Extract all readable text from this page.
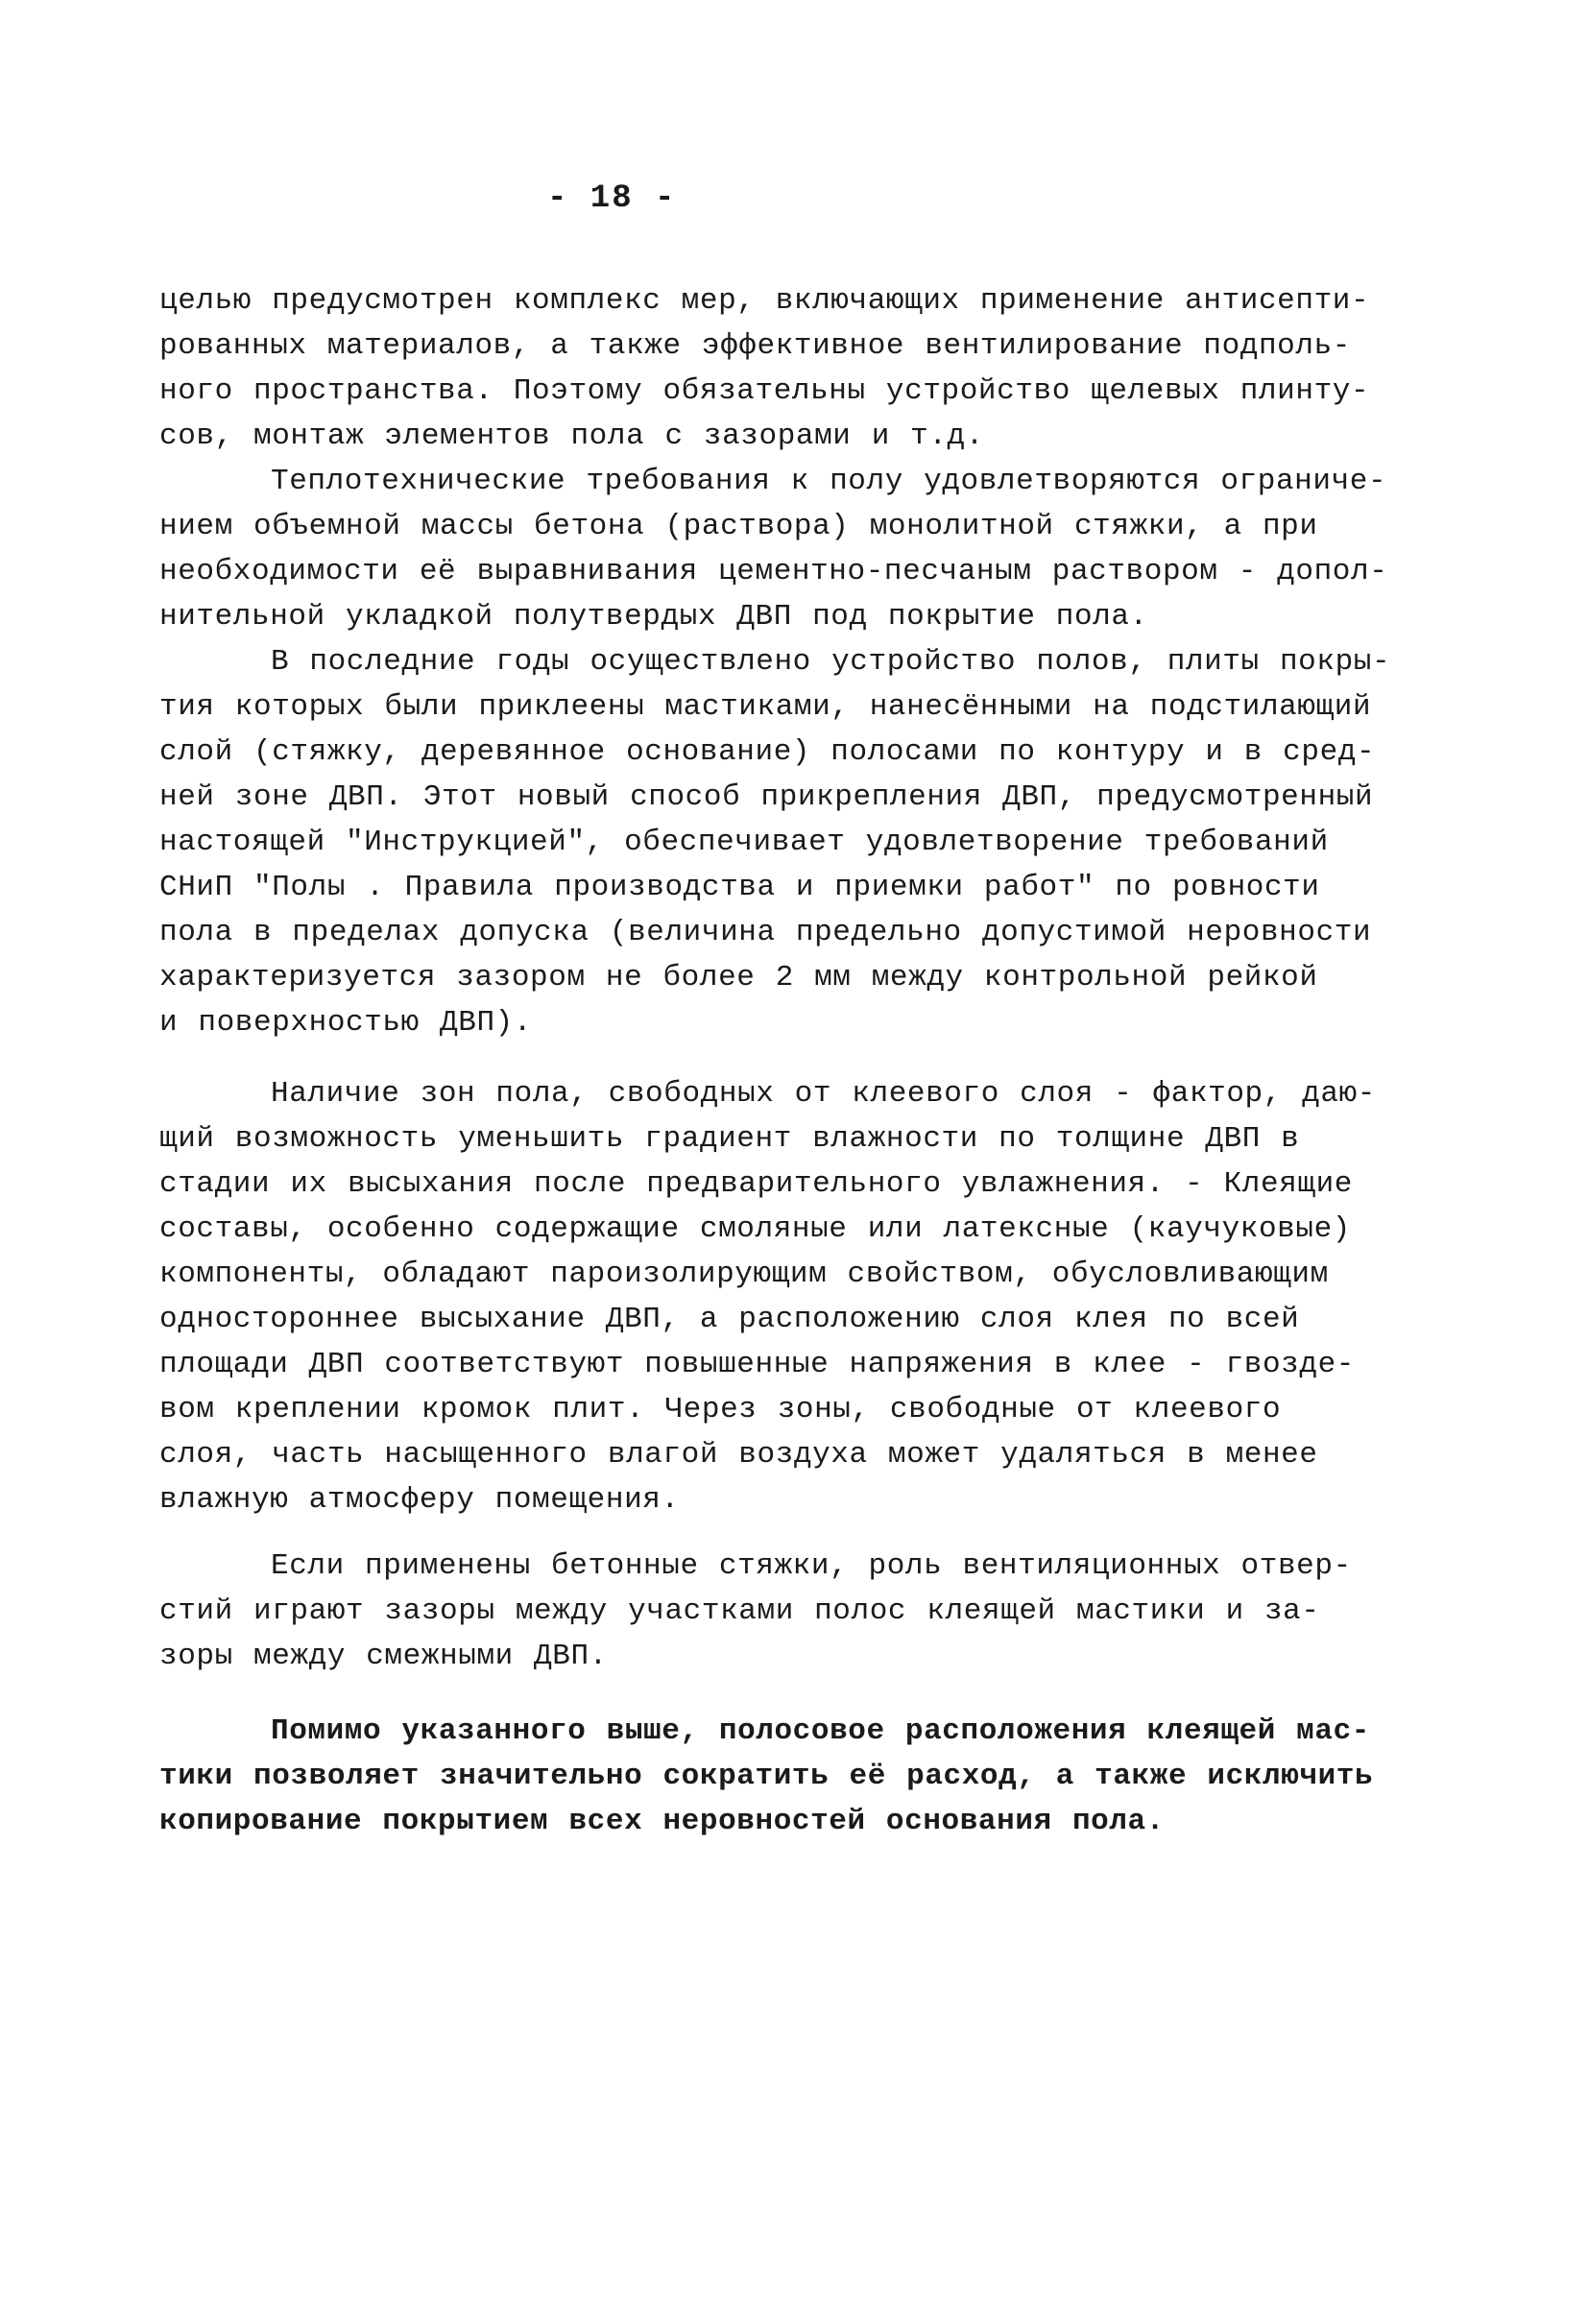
- 18 -

целью предусмотрен комплекс мер, включающих применение антисепти-
рованных материалов, а также эффективное вентилирование подполь-
ного пространства. Поэтому обязательны устройство щелевых плинту-
сов, монтаж элементов пола с зазорами и т.д.

Теплотехнические требования к полу удовлетворяются ограниче-
нием объемной массы бетона (раствора) монолитной стяжки, а при
необходимости её выравнивания цементно-песчаным раствором - допол-
нительной укладкой полутвердых ДВП под покрытие пола.

В последние годы осуществлено устройство полов, плиты покры-
тия которых были приклеены мастиками, нанесёнными на подстилающий
слой (стяжку, деревянное основание) полосами по контуру и в сред-
ней зоне ДВП. Этот новый способ прикрепления ДВП, предусмотренный
настоящей "Инструкцией", обеспечивает удовлетворение требований
СНиП "Полы . Правила производства и приемки работ" по ровности
пола в пределах допуска (величина предельно допустимой неровности
характеризуется зазором не более 2 мм между контрольной рейкой
и поверхностью ДВП).

Наличие зон пола, свободных от клеевого слоя - фактор, даю-
щий возможность уменьшить градиент влажности по толщине ДВП в
стадии их высыхания после предварительного увлажнения. - Клеящие
составы, особенно содержащие смоляные или латексные (каучуковые)
компоненты, обладают пароизолирующим свойством, обусловливающим
одностороннее высыхание ДВП, а расположению слоя клея по всей
площади ДВП соответствуют повышенные напряжения в клее - гвозде-
вом креплении кромок плит. Через зоны, свободные от клеевого
слоя, часть насыщенного влагой воздуха может удаляться в менее
влажную атмосферу помещения.

Если применены бетонные стяжки, роль вентиляционных отвер-
стий играют зазоры между участками полос клеящей мастики и за-
зоры между смежными ДВП.

Помимо указанного выше, полосовое расположения клеящей мас-
тики позволяет значительно сократить её расход, а также исключить
копирование покрытием всех неровностей основания пола.
